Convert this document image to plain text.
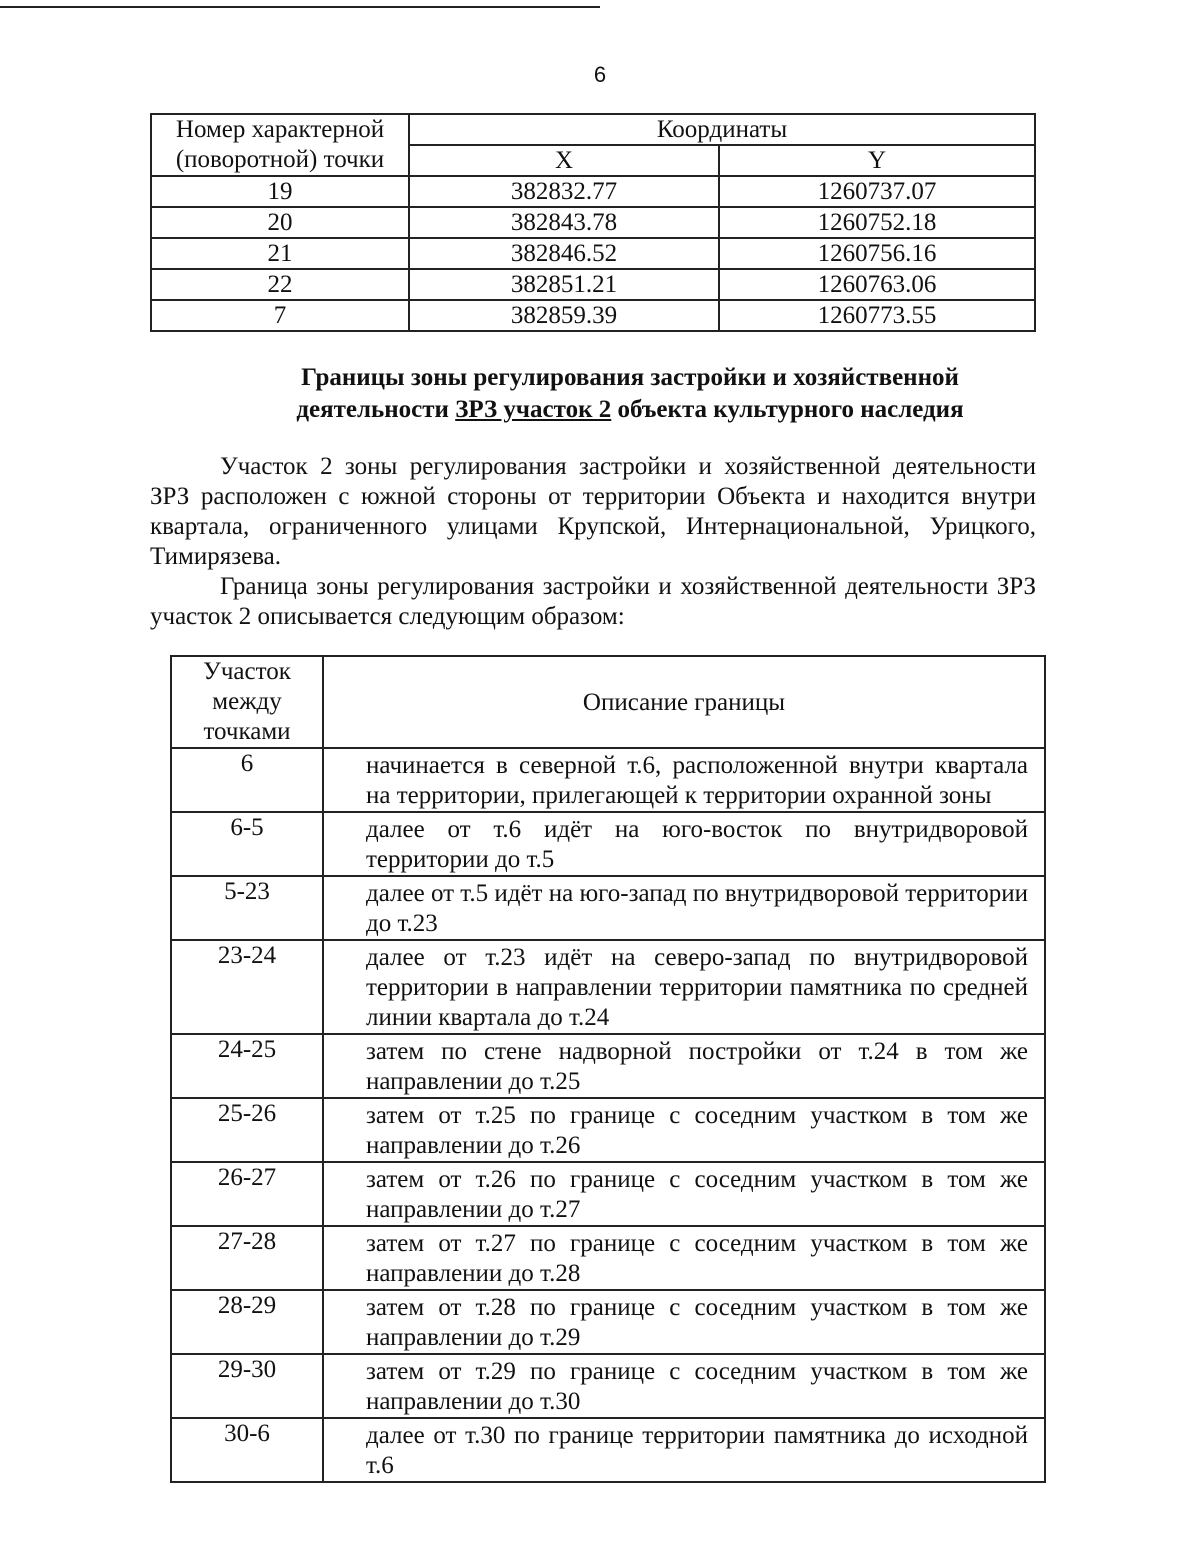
6
Номер характерной (поворотной) точки	Координаты	
	X	Y
19	382832.77	1260737.07
20	382843.78	1260752.18
21	382846.52	1260756.16
22	382851.21	1260763.06
7	382859.39	1260773.55
Границы зоны регулирования застройки и хозяйственной
деятельности ЗРЗ участок 2 объекта культурного наследия

Участок 2 зоны регулирования застройки и хозяйственной деятельности ЗРЗ расположен с южной стороны от территории Объекта и находится внутри квартала, ограниченного улицами Крупской, Интернациональной, Урицкого, Тимирязева.

Граница зоны регулирования застройки и хозяйственной деятельности ЗРЗ участок 2 описывается следующим образом:

Участок между точками	Описание границы
6	начинается в северной т.6, расположенной внутри квартала на территории, прилегающей к территории охранной зоны
6-5	далее от т.6 идёт на юго-восток по внутридворовой территории до т.5
5-23	далее от т.5 идёт на юго-запад по внутридворовой территории до т.23
23-24	далее от т.23 идёт на северо-запад по внутридворовой территории в направлении территории памятника по средней линии квартала до т.24
24-25	затем по стене надворной постройки от т.24 в том же направлении до т.25
25-26	затем от т.25 по границе с соседним участком в том же направлении до т.26
26-27	затем от т.26 по границе с соседним участком в том же направлении до т.27
27-28	затем от т.27 по границе с соседним участком в том же направлении до т.28
28-29	затем от т.28 по границе с соседним участком в том же направлении до т.29
29-30	затем от т.29 по границе с соседним участком в том же направлении до т.30
30-6	далее от т.30 по границе территории памятника до исходной т.6
